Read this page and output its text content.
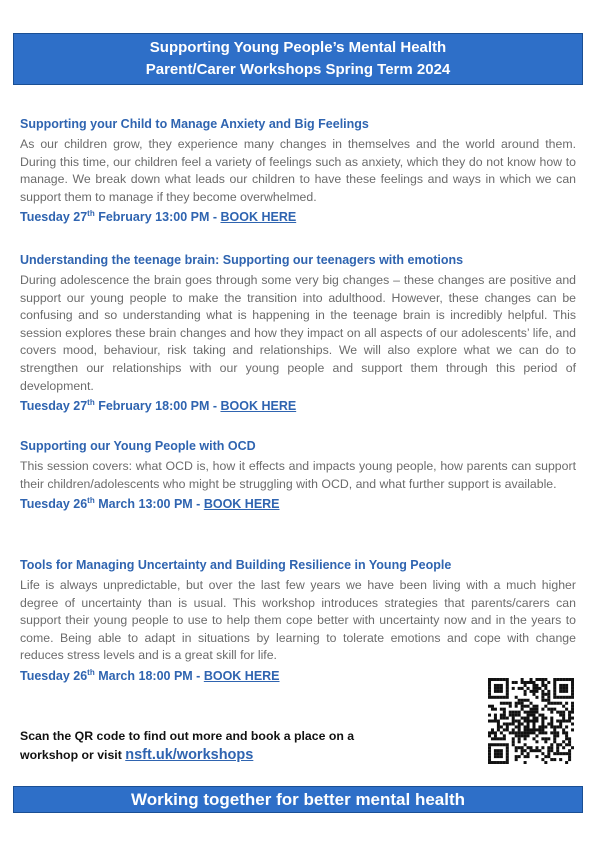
Supporting Young People’s Mental Health
Parent/Carer Workshops Spring Term 2024
Supporting your Child to Manage Anxiety and Big Feelings

As our children grow, they experience many changes in themselves and the world around them. During this time, our children feel a variety of feelings such as anxiety, which they do not know how to manage. We break down what leads our children to have these feelings and ways in which we can support them to manage if they become overwhelmed.

Tuesday 27th February 13:00 PM - BOOK HERE
Understanding the teenage brain: Supporting our teenagers with emotions

During adolescence the brain goes through some very big changes – these changes are positive and support our young people to make the transition into adulthood. However, these changes can be confusing and so understanding what is happening in the teenage brain is incredibly helpful. This session explores these brain changes and how they impact on all aspects of our adolescents’ life, and covers mood, behaviour, risk taking and relationships. We will also explore what we can do to strengthen our relationships with our young people and support them through this period of development.

Tuesday 27th February 18:00 PM - BOOK HERE
Supporting our Young People with OCD

This session covers: what OCD is, how it effects and impacts young people, how parents can support their children/adolescents who might be struggling with OCD, and what further support is available.

Tuesday 26th March 13:00 PM - BOOK HERE
Tools for Managing Uncertainty and Building Resilience in Young People

Life is always unpredictable, but over the last few years we have been living with a much higher degree of uncertainty than is usual. This workshop introduces strategies that parents/carers can support their young people to use to help them cope better with uncertainty now and in the years to come. Being able to adapt in situations by learning to tolerate emotions and cope with change reduces stress levels and is a great skill for life.

Tuesday 26th March 18:00 PM - BOOK HERE
Scan the QR code to find out more and book a place on a workshop or visit nsft.uk/workshops
Working together for better mental health
